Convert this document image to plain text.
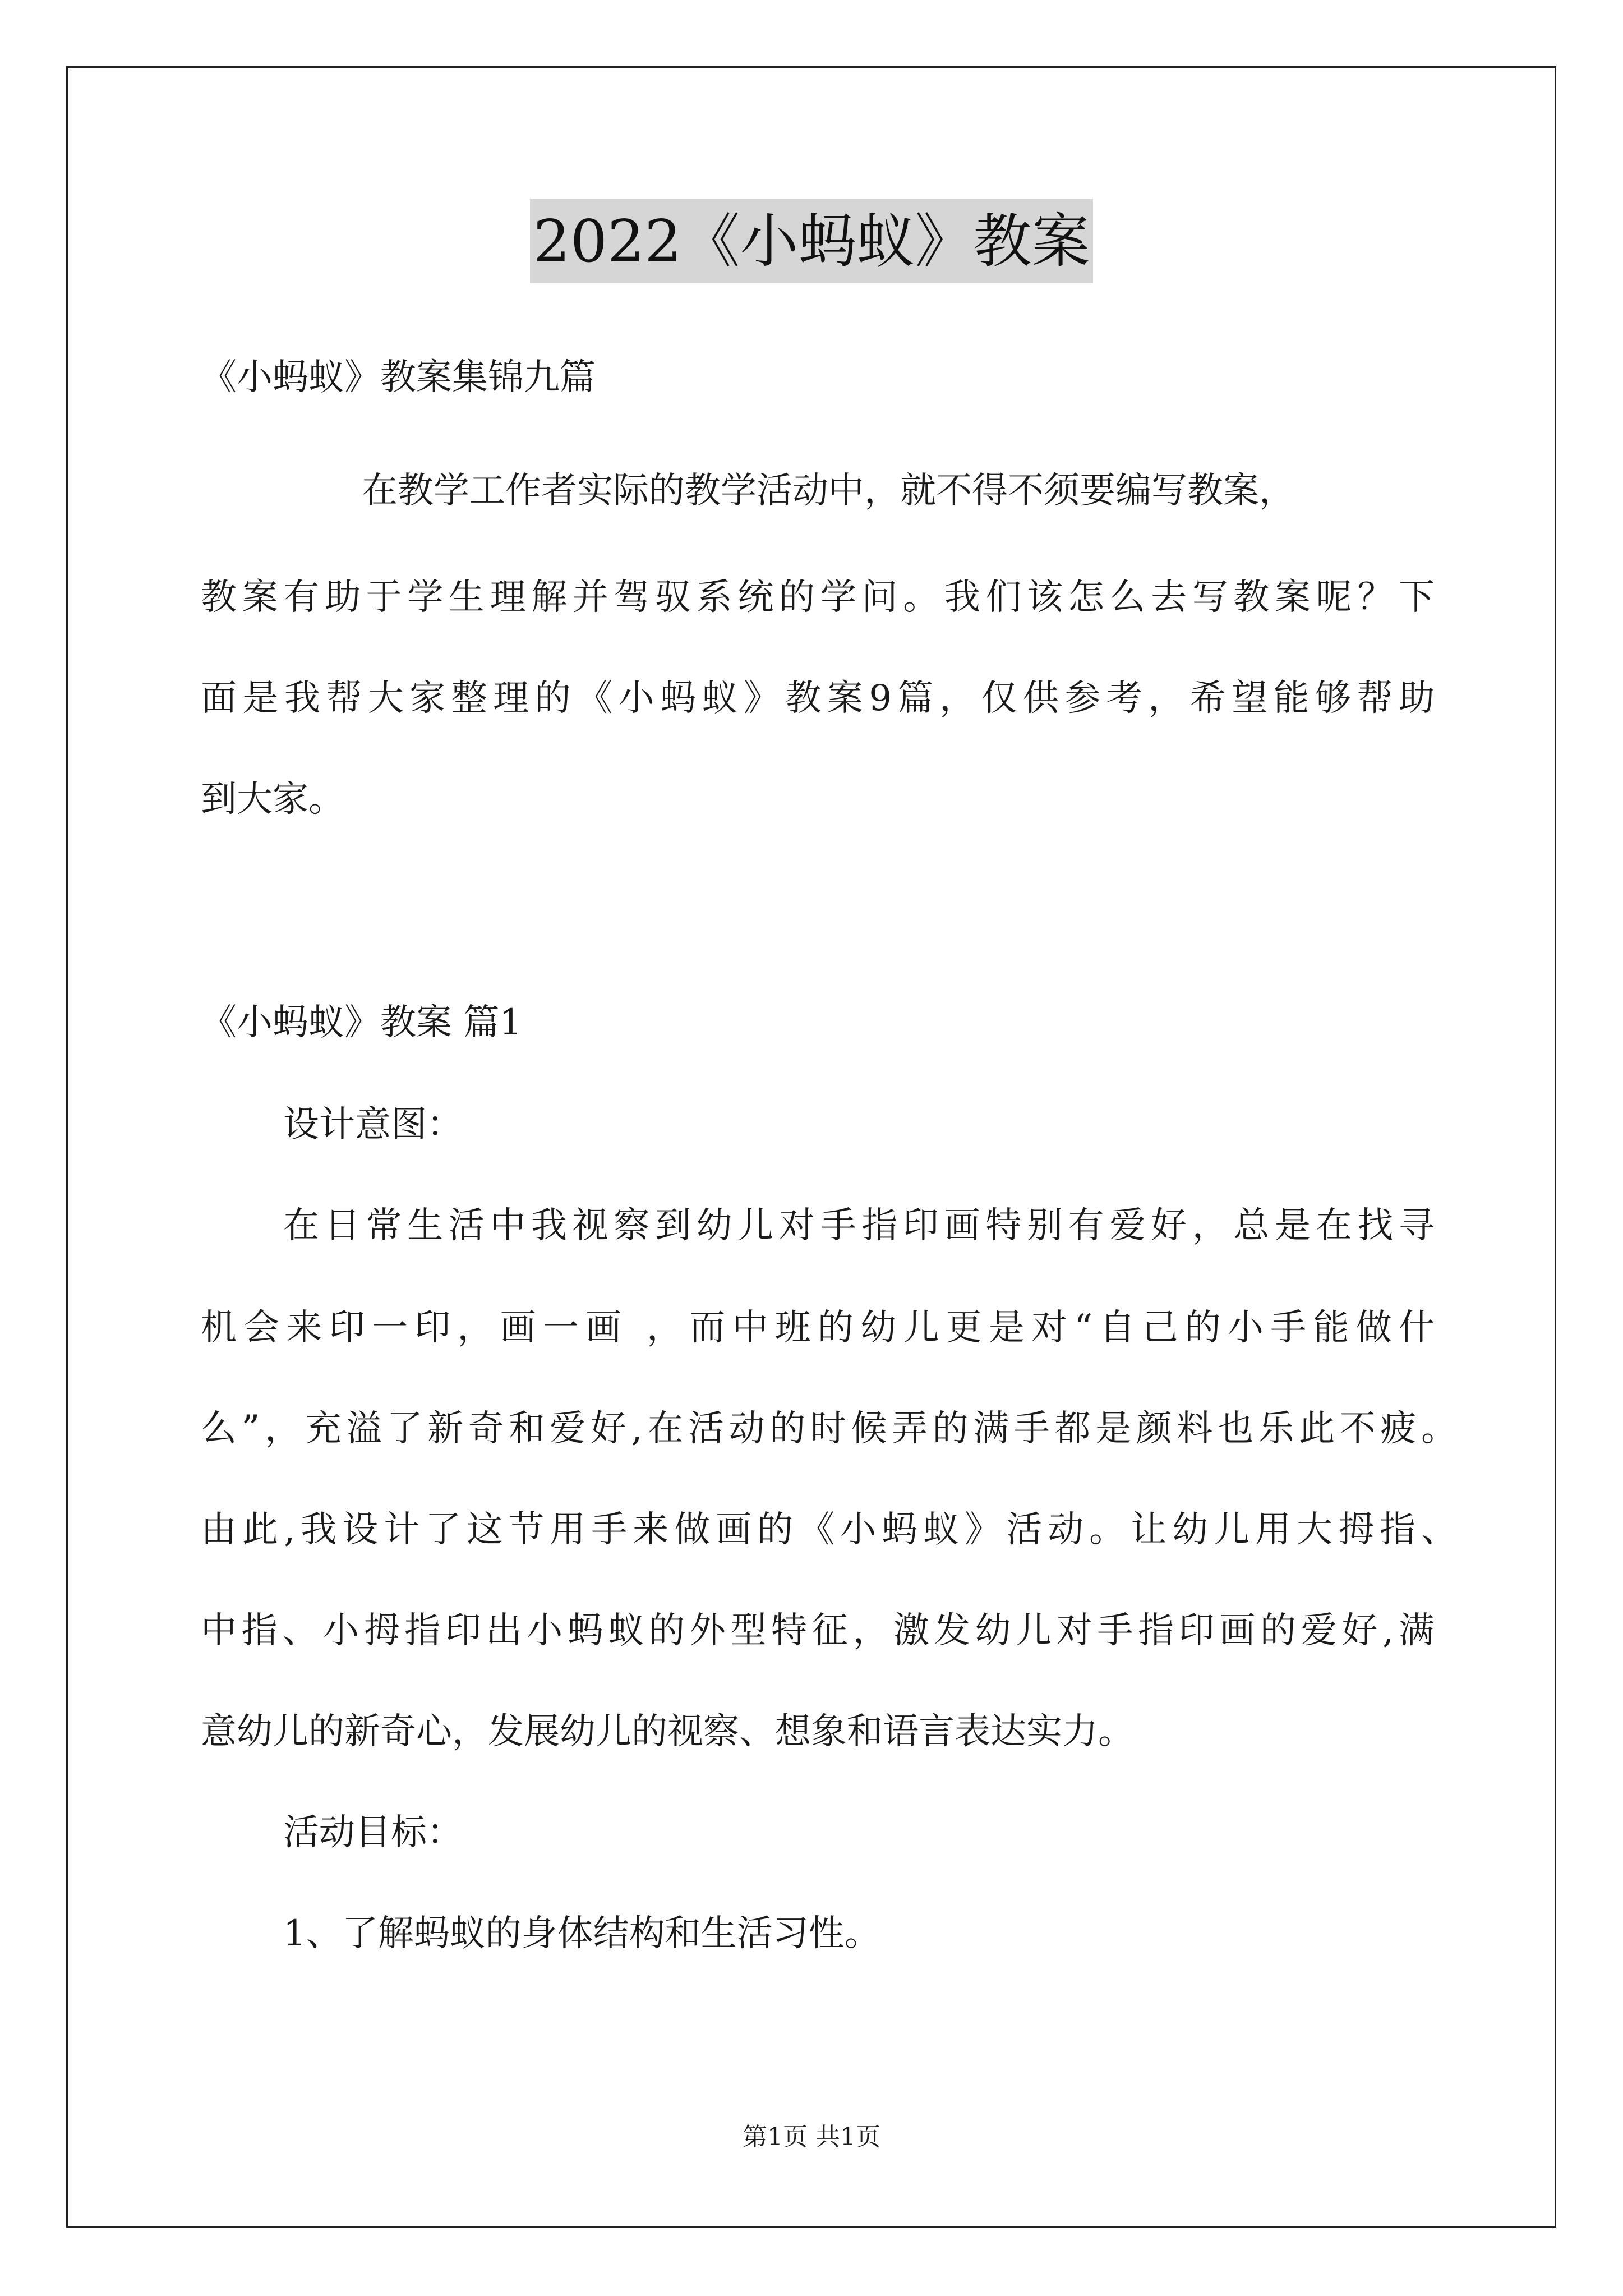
2022《小蚂蚁》教案
《小蚂蚁》教案集锦九篇
在教学工作者实际的教学活动中，就不得不须要编写教案，
教案有助于学生理解并驾驭系统的学问。我们该怎么去写教案呢？下
面是我帮大家整理的《小蚂蚁》教案9篇，仅供参考，希望能够帮助
到大家。
《小蚂蚁》教案 篇1
设计意图：
在日常生活中我视察到幼儿对手指印画特别有爱好，总是在找寻
机会来印一印，画一画 ，而中班的幼儿更是对“自己的小手能做什
么”，充溢了新奇和爱好,在活动的时候弄的满手都是颜料也乐此不疲。
由此,我设计了这节用手来做画的《小蚂蚁》活动。让幼儿用大拇指、
中指、小拇指印出小蚂蚁的外型特征，激发幼儿对手指印画的爱好,满
意幼儿的新奇心，发展幼儿的视察、想象和语言表达实力。
活动目标：
1、了解蚂蚁的身体结构和生活习性。
第1页 共1页
